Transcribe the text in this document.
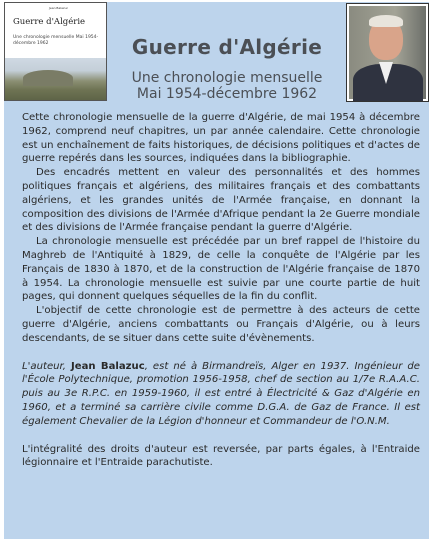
Jean Balazuc
Guerre d'Algérie
Une chronologie mensuelle Mai 1954-décembre 1962	Guerre d'Algérie
Une chronologie mensuelle
Mai 1954-décembre 1962

Cette chronologie mensuelle de la guerre d'Algérie, de mai 1954 à décembre 1962, comprend neuf chapitres, un par année calendaire. Cette chronologie est un enchaînement de faits historiques, de décisions politiques et d'actes de guerre repérés dans les sources, indiquées dans la bibliographie.

Des encadrés mettent en valeur des personnalités et des hommes politiques français et algériens, des militaires français et des combattants algériens, et les grandes unités de l'Armée française, en donnant la composition des divisions de l'Armée d'Afrique pendant la 2e Guerre mondiale et des divisions de l'Armée française pendant la guerre d'Algérie.

La chronologie mensuelle est précédée par un bref rappel de l'histoire du Maghreb de l'Antiquité à 1829, de celle la conquête de l'Algérie par les Français de 1830 à 1870, et de la construction de l'Algérie française de 1870 à 1954. La chronologie mensuelle est suivie par une courte partie de huit pages, qui donnent quelques séquelles de la fin du conflit.

L'objectif de cette chronologie est de permettre à des acteurs de cette guerre d'Algérie, anciens combattants ou Français d'Algérie, ou à leurs descendants, de se situer dans cette suite d'évènements.

L'auteur, Jean Balazuc, est né à Birmandreïs, Alger en 1937. Ingénieur de l'École Polytechnique, promotion 1956-1958, chef de section au 1/7e R.A.A.C. puis au 3e R.P.C. en 1959-1960, il est entré à Électricité & Gaz d'Algérie en 1960, et a terminé sa carrière civile comme D.G.A. de Gaz de France. Il est également Chevalier de la Légion d'honneur et Commandeur de l'O.N.M.

L'intégralité des droits d'auteur est reversée, par parts égales, à l'Entraide légionnaire et l'Entraide parachutiste.
